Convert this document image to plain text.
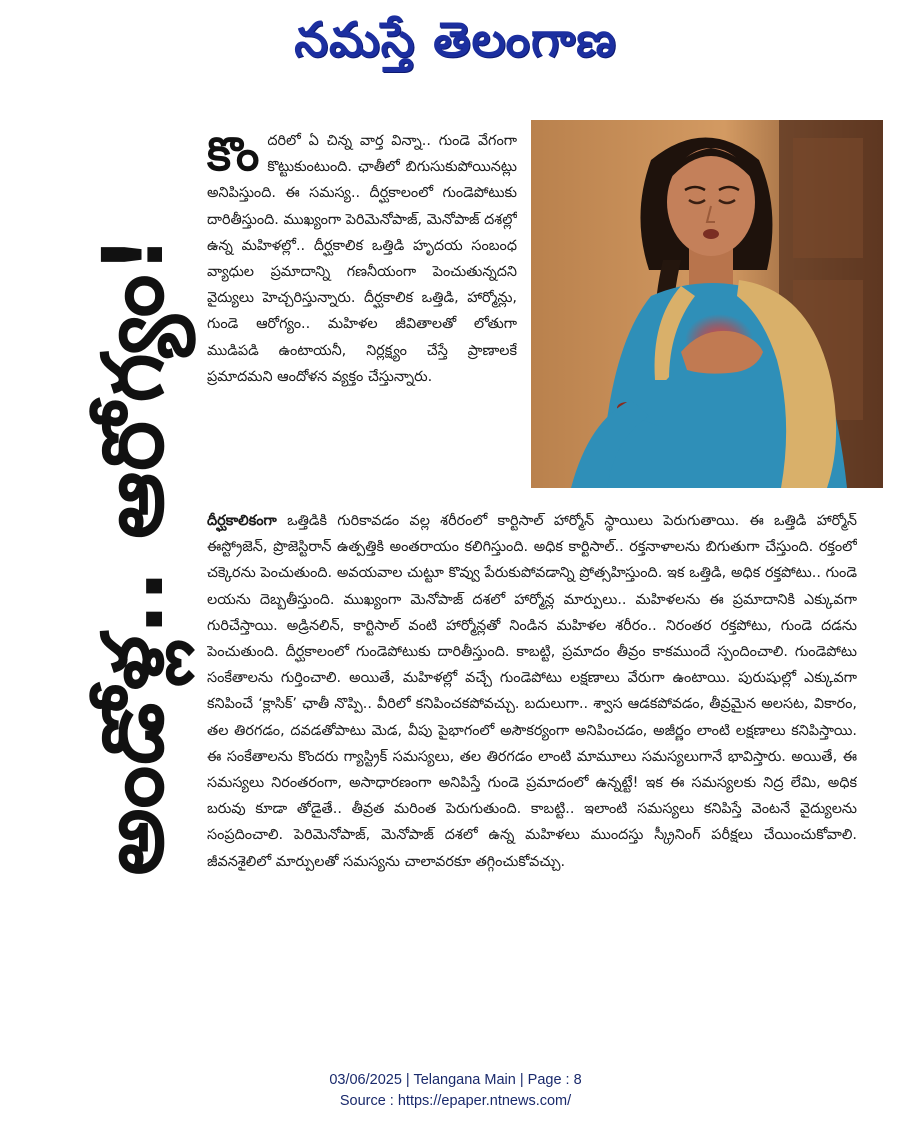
నమస్తే తెలంగాణ
అండోళ్ల.. ఆరోగ్యం!
కొందరిలో ఏ చిన్న వార్త విన్నా.. గుండె వేగంగా కొట్టుకుంటుంది. ఛాతీలో బిగుసుకుపోయినట్లు అనిపిస్తుంది. ఈ సమస్య.. దీర్ఘకాలంలో గుండెపోటుకు దారితీస్తుంది. ముఖ్యంగా పెరిమెనోపాజ్, మెనోపాజ్ దశల్లో ఉన్న మహిళల్లో.. దీర్ఘకాలిక ఒత్తిడి హృదయ సంబంధ వ్యాధుల ప్రమాదాన్ని గణనీయంగా పెంచుతున్నదని వైద్యులు హెచ్చరిస్తున్నారు. దీర్ఘకాలిక ఒత్తిడి, హార్మోన్లు, గుండె ఆరోగ్యం.. మహిళల జీవితాలతో లోతుగా ముడిపడి ఉంటాయనీ, నిర్లక్ష్యం చేస్తే ప్రాణాలకే ప్రమాదమని ఆందోళన వ్యక్తం చేస్తున్నారు.
దీర్ఘకాలికంగా ఒత్తిడికి గురికావడం వల్ల శరీరంలో కార్టిసాల్ హార్మోన్ స్థాయిలు పెరుగుతాయి. ఈ ఒత్తిడి హార్మోన్ ఈస్ట్రోజెన్, ప్రొజెస్టిరాన్ ఉత్పత్తికి అంతరాయం కలిగిస్తుంది. అధిక కార్టిసాల్.. రక్తనాళాలను బిగుతుగా చేస్తుంది. రక్తంలో చక్కెరను పెంచుతుంది. అవయవాల చుట్టూ కొవ్వు పేరుకుపోవడాన్ని ప్రోత్సహిస్తుంది. ఇక ఒత్తిడి, అధిక రక్తపోటు.. గుండె లయను దెబ్బతీస్తుంది. ముఖ్యంగా మెనోపాజ్ దశలో హార్మోన్ల మార్పులు.. మహిళలను ఈ ప్రమాదానికి ఎక్కువగా గురిచేస్తాయి. అడ్రినలిన్, కార్టిసాల్ వంటి హార్మోన్లతో నిండిన మహిళల శరీరం.. నిరంతర రక్తపోటు, గుండె దడను పెంచుతుంది. దీర్ఘకాలంలో గుండెపోటుకు దారితీస్తుంది. కాబట్టి, ప్రమాదం తీవ్రం కాకముందే స్పందించాలి. గుండెపోటు సంకేతాలను గుర్తించాలి. అయితే, మహిళల్లో వచ్చే గుండెపోటు లక్షణాలు వేరుగా ఉంటాయి. పురుషుల్లో ఎక్కువగా కనిపించే ‘క్లాసిక్’ ఛాతీ నొప్పి.. వీరిలో కనిపించకపోవచ్చు. బదులుగా.. శ్వాస ఆడకపోవడం, తీవ్రమైన అలసట, వికారం, తల తిరగడం, దవడతోపాటు మెడ, వీపు పైభాగంలో అసౌకర్యంగా అనిపించడం, అజీర్ణం లాంటి లక్షణాలు కనిపిస్తాయి. ఈ సంకేతాలను కొందరు గ్యాస్ట్రిక్ సమస్యలు, తల తిరగడం లాంటి మామూలు సమస్యలుగానే భావిస్తారు. అయితే, ఈ సమస్యలు నిరంతరంగా, అసాధారణంగా అనిపిస్తే గుండె ప్రమాదంలో ఉన్నట్టే! ఇక ఈ సమస్యలకు నిద్ర లేమి, అధిక బరువు కూడా తోడైతే.. తీవ్రత మరింత పెరుగుతుంది. కాబట్టి.. ఇలాంటి సమస్యలు కనిపిస్తే వెంటనే వైద్యులను సంప్రదించాలి. పెరిమెనోపాజ్, మెనోపాజ్ దశలో ఉన్న మహిళలు ముందస్తు స్క్రీనింగ్ పరీక్షలు చేయించుకోవాలి. జీవనశైలిలో మార్పులతో సమస్యను చాలావరకూ తగ్గించుకోవచ్చు.
03/06/2025 | Telangana Main | Page : 8
Source : https://epaper.ntnews.com/
